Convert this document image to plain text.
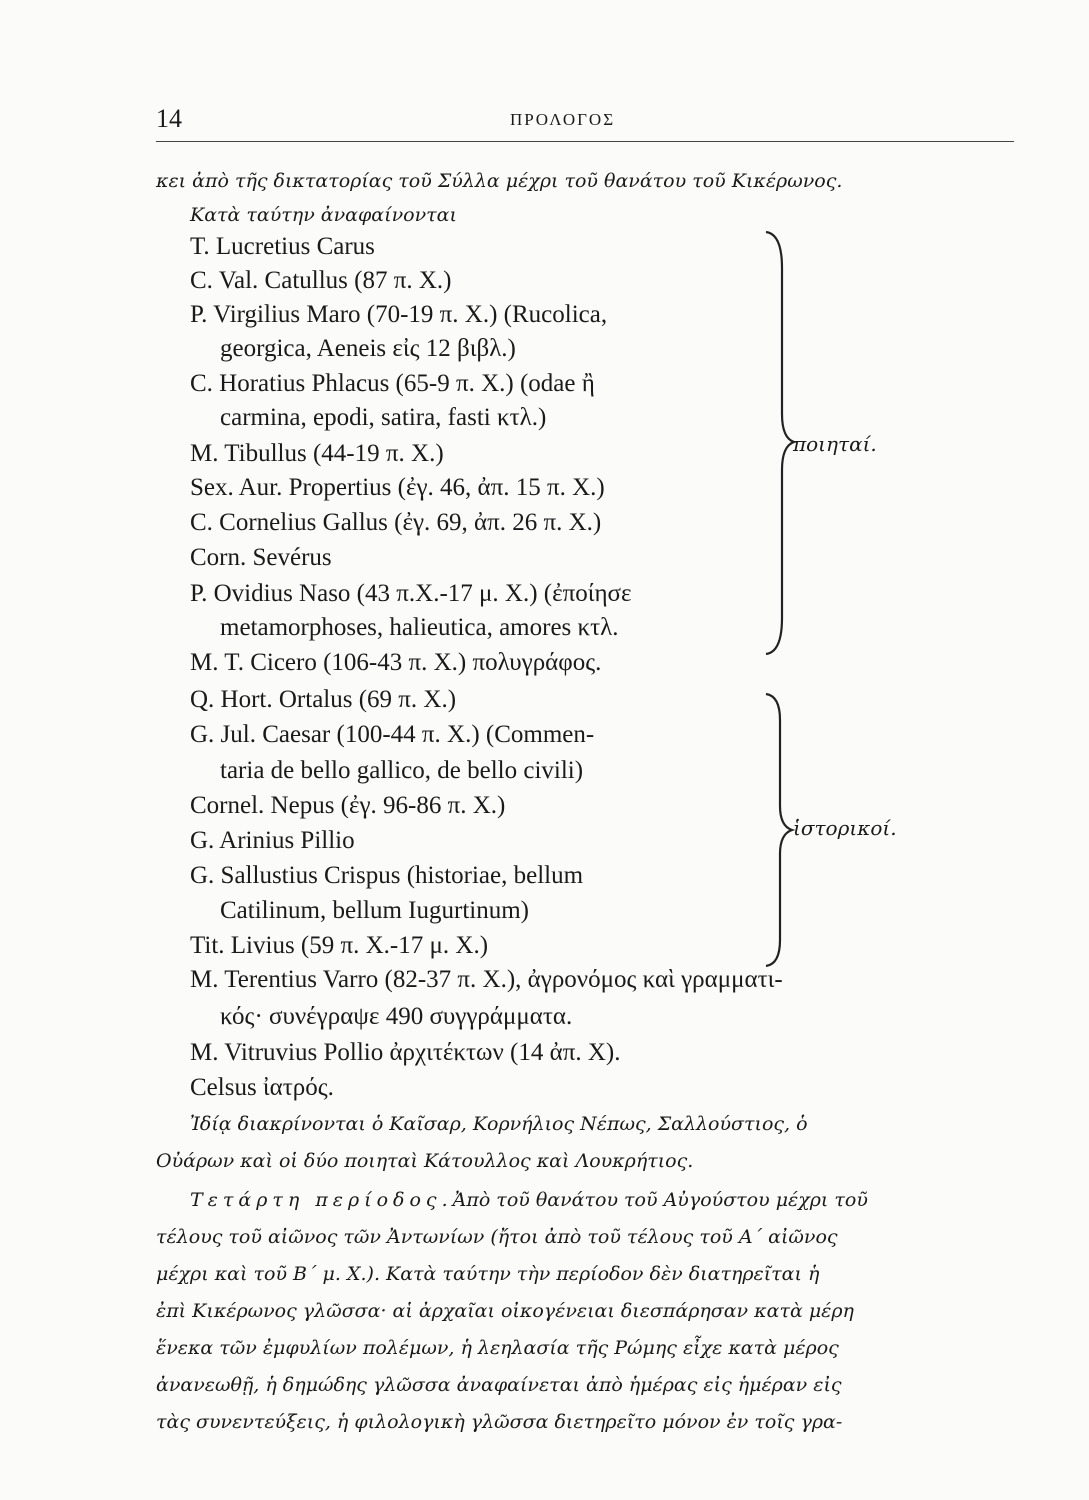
14	ΠΡΟΛΟΓΟΣ
κει ἀπὸ τῆς δικτατορίας τοῦ Σύλλα μέχρι τοῦ θανάτου τοῦ Κικέρωνος.
Κατὰ ταύτην ἀναφαίνονται
T. Lucretius Carus
C. Val. Catullus (87 π. X.)
P. Virgilius Maro (70-19 π. X.) (Rucolica,
georgica, Aeneis εἰς 12 βιβλ.)
C. Horatius Phlacus (65-9 π. X.) (odae ἢ
carmina, epodi, satira, fasti κτλ.)
M. Tibullus (44-19 π. X.)
Sex. Aur. Propertius (ἐγ. 46, ἀπ. 15 π. X.)
C. Cornelius Gallus (ἐγ. 69, ἀπ. 26 π. X.)
Corn. Sevérus
P. Ovidius Naso (43 π.X.-17 μ. X.) (ἐποίησε
metamorphoses, halieutica, amores κτλ.
ποιηταί.
M. T. Cicero (106-43 π. X.) πολυγράφος.
Q. Hort. Ortalus (69 π. X.)
G. Jul. Caesar (100-44 π. X.) (Commen-
taria de bello gallico, de bello civili)
Cornel. Nepus (ἐγ. 96-86 π. X.)
G. Arinius Pillio
G. Sallustius Crispus (historiae, bellum
Catilinum, bellum Iugurtinum)
Tit. Livius (59 π. X.-17 μ. X.)
ἱστορικοί.
M. Terentius Varro (82-37 π. X.), ἀγρονόμος καὶ γραμματι-
κός· συνέγραψε 490 συγγράμματα.
M. Vitruvius Pollio ἀρχιτέκτων (14 ἀπ. X).
Celsus ἰατρός.
Ἰδίᾳ διακρίνονται ὁ Καῖσαρ, Κορνήλιος Νέπως, Σαλλούστιος, ὁ
Οὐάρων καὶ οἱ δύο ποιηταὶ Κάτουλλος καὶ Λουκρήτιος.
Τετάρτη περίοδος.Ἀπὸ τοῦ θανάτου τοῦ Αὐγούστου μέχρι τοῦ
τέλους τοῦ αἰῶνος τῶν Ἀντωνίων (ἤτοι ἀπὸ τοῦ τέλους τοῦ Α΄ αἰῶνος
μέχρι καὶ τοῦ Β΄ μ. X.). Κατὰ ταύτην τὴν περίοδον δὲν διατηρεῖται ἡ
ἐπὶ Κικέρωνος γλῶσσα· αἱ ἀρχαῖαι οἰκογένειαι διεσπάρησαν κατὰ μέρη
ἕνεκα τῶν ἐμφυλίων πολέμων, ἡ λεηλασία τῆς Ρώμης εἶχε κατὰ μέρος
ἀνανεωθῇ, ἡ δημώδης γλῶσσα ἀναφαίνεται ἀπὸ ἡμέρας εἰς ἡμέραν εἰς
τὰς συνεντεύξεις, ἡ φιλολογικὴ γλῶσσα διετηρεῖτο μόνον ἐν τοῖς γρα-
